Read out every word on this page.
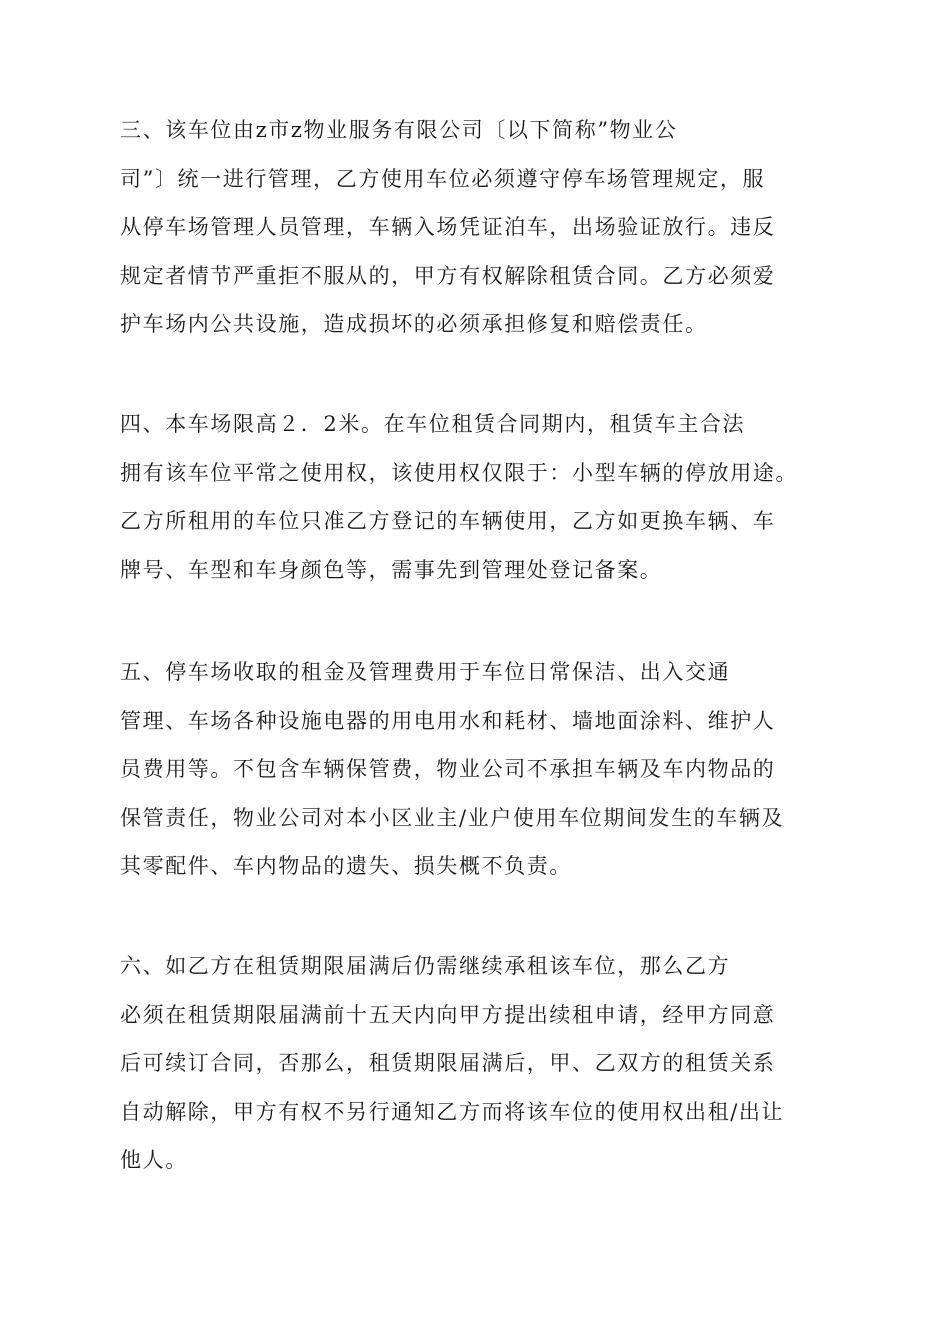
三、该车位由z市z物业服务有限公司〔以下简称”物业公
司”〕统一进行管理，乙方使用车位必须遵守停车场管理规定，服
从停车场管理人员管理，车辆入场凭证泊车，出场验证放行。违反
规定者情节严重拒不服从的，甲方有权解除租赁合同。乙方必须爱
护车场内公共设施，造成损坏的必须承担修复和赔偿责任。
四、本车场限高２．2米。在车位租赁合同期内，租赁车主合法
拥有该车位平常之使用权，该使用权仅限于：小型车辆的停放用途。
乙方所租用的车位只准乙方登记的车辆使用，乙方如更换车辆、车
牌号、车型和车身颜色等，需事先到管理处登记备案。
五、停车场收取的租金及管理费用于车位日常保洁、出入交通
管理、车场各种设施电器的用电用水和耗材、墙地面涂料、维护人
员费用等。不包含车辆保管费，物业公司不承担车辆及车内物品的
保管责任，物业公司对本小区业主/业户使用车位期间发生的车辆及
其零配件、车内物品的遗失、损失概不负责。
六、如乙方在租赁期限届满后仍需继续承租该车位，那么乙方
必须在租赁期限届满前十五天内向甲方提出续租申请，经甲方同意
后可续订合同，否那么，租赁期限届满后，甲、乙双方的租赁关系
自动解除，甲方有权不另行通知乙方而将该车位的使用权出租/出让
他人。
